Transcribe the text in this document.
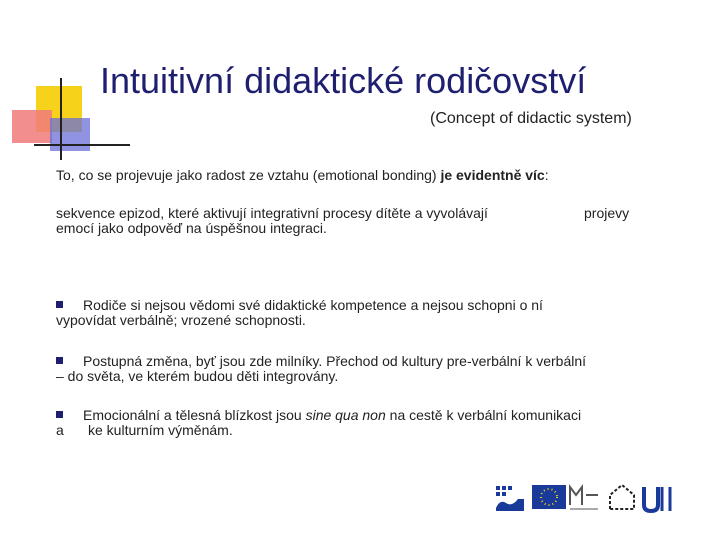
Intuitivní didaktické rodičovství
(Concept of didactic system)
To, co se projevuje jako radost ze vztahu (emotional bonding) je evidentně víc:
sekvence epizod, které aktivují integrativní procesy dítěte a vyvolávají	projevy
emocí jako odpověď na úspěšnou integraci.
Rodiče si nejsou vědomi své didaktické kompetence a nejsou schopni o ní
vypovídat verbálně; vrozené schopnosti.
Postupná změna, byť jsou zde milníky. Přechod od kultury pre-verbální k verbální
– do světa, ve kterém budou děti integrovány.
Emocionální a tělesná blízkost jsou sine qua non na cestě k verbální komunikaci
a ke kulturním výměnám.
